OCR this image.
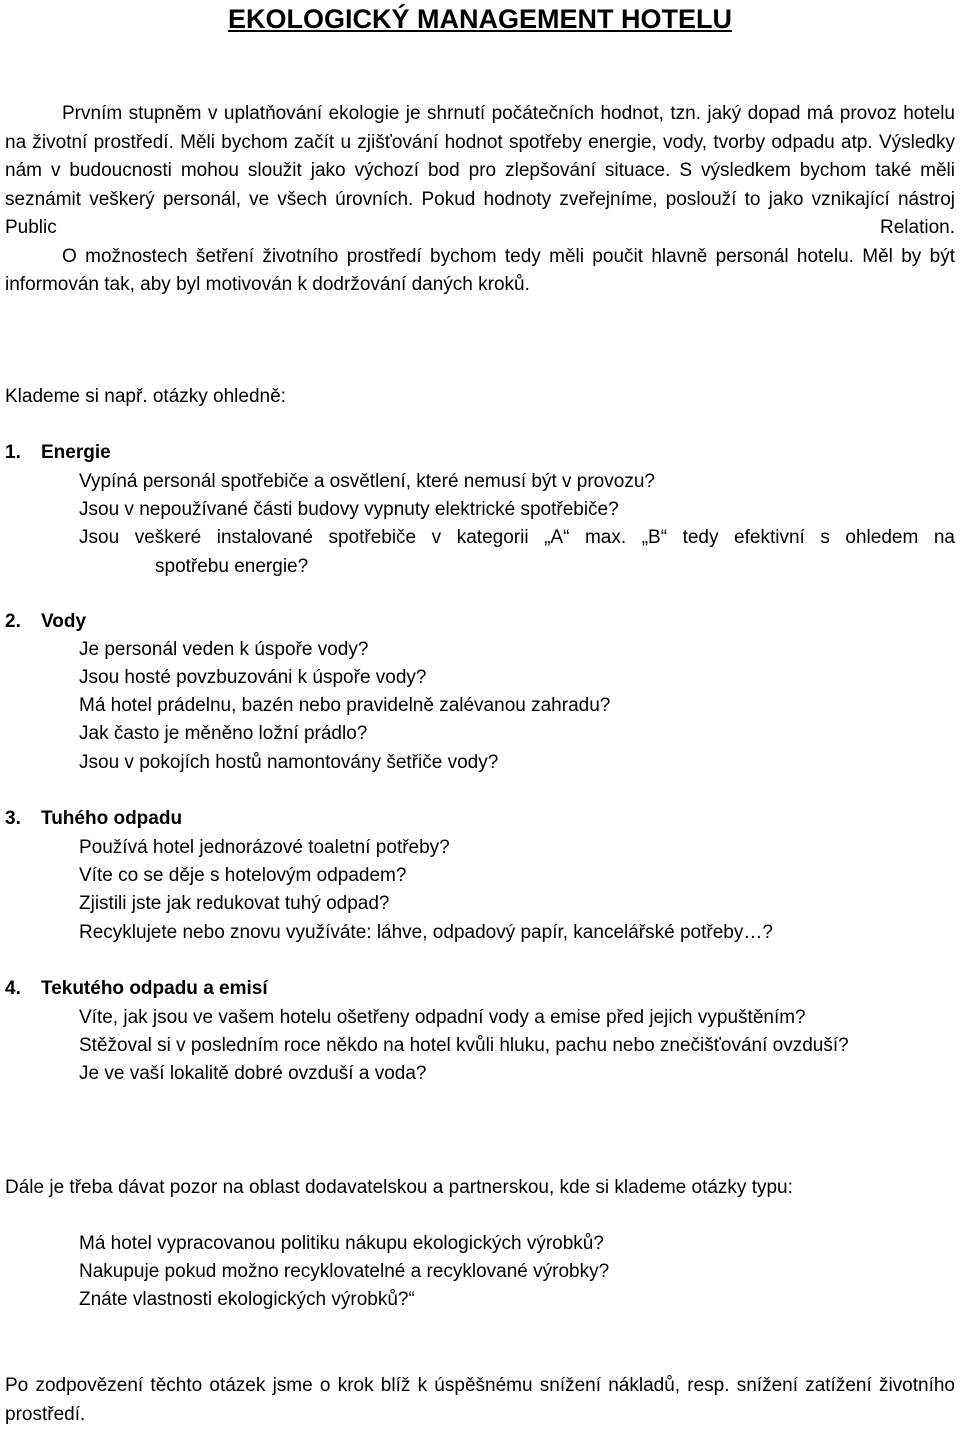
EKOLOGICKÝ MANAGEMENT HOTELU
Prvním stupněm v uplatňování ekologie je shrnutí počátečních hodnot, tzn. jaký dopad má provoz hotelu na životní prostředí. Měli bychom začít u zjišťování hodnot spotřeby energie, vody, tvorby odpadu atp. Výsledky nám v budoucnosti mohou sloužit jako výchozí bod pro zlepšování situace. S výsledkem bychom také měli seznámit veškerý personál, ve všech úrovních. Pokud hodnoty zveřejníme, poslouží to jako vznikající nástroj Public Relation. O možnostech šetření životního prostředí bychom tedy měli poučit hlavně personál hotelu. Měl by být informován tak, aby byl motivován k dodržování daných kroků.
Klademe si např. otázky ohledně:
1. Energie
Vypíná personál spotřebiče a osvětlení, které nemusí být v provozu?
Jsou v nepoužívané části budovy vypnuty elektrické spotřebiče?
Jsou veškeré instalované spotřebiče v kategorii „A“ max. „B“ tedy efektivní s ohledem na
spotřebu energie?
2. Vody
Je personál veden k úspoře vody?
Jsou hosté povzbuzováni k úspoře vody?
Má hotel prádelnu, bazén nebo pravidelně zalévanou zahradu?
Jak často je měněno ložní prádlo?
Jsou v pokojích hostů namontovány šetřiče vody?
3. Tuhého odpadu
Používá hotel jednorázové toaletní potřeby?
Víte co se děje s hotelovým odpadem?
Zjistili jste jak redukovat tuhý odpad?
Recyklujete nebo znovu využíváte: láhve, odpadový papír, kancelářské potřeby…?
4. Tekutého odpadu a emisí
Víte, jak jsou ve vašem hotelu ošetřeny odpadní vody a emise před jejich vypuštěním?
Stěžoval si v posledním roce někdo na hotel kvůli hluku, pachu nebo znečišťování ovzduší?
Je ve vaší lokalitě dobré ovzduší a voda?
Dále je třeba dávat pozor na oblast dodavatelskou a partnerskou, kde si klademe otázky typu:
Má hotel vypracovanou politiku nákupu ekologických výrobků?
Nakupuje pokud možno recyklovatelné a recyklované výrobky?
Znáte vlastnosti ekologických výrobků?“
Po zodpovězení těchto otázek jsme o krok blíž k úspěšnému snížení nákladů, resp. snížení zatížení životního prostředí.
